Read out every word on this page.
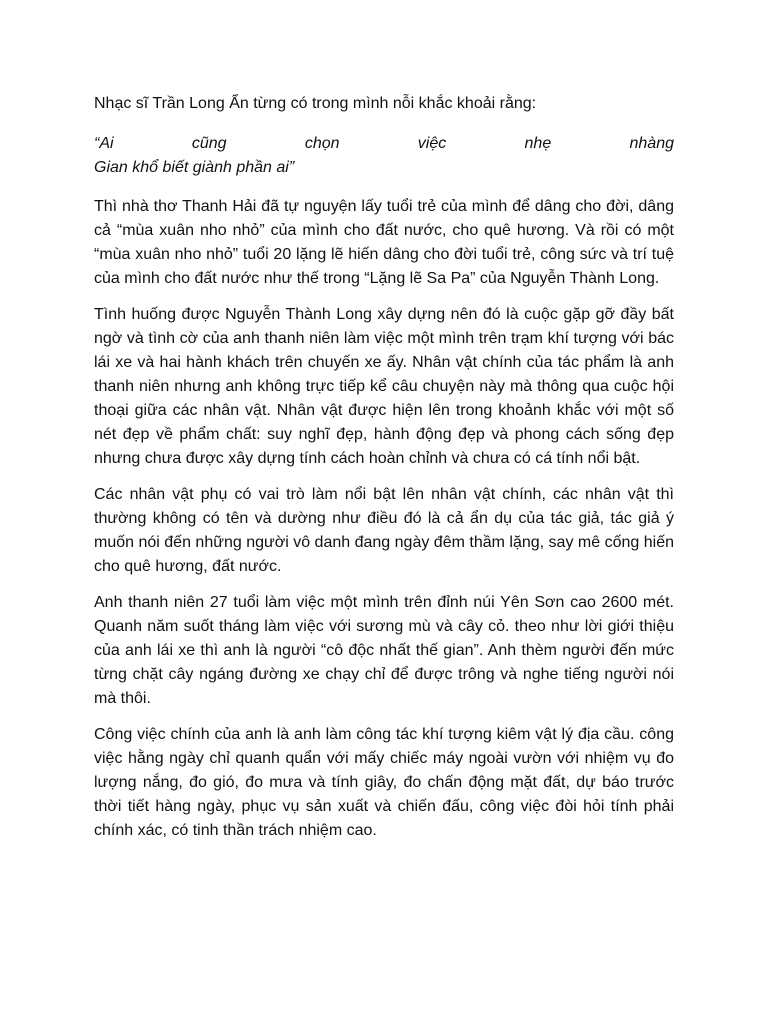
Nhạc sĩ Trần Long Ẩn từng có trong mình nỗi khắc khoải rằng:

“Ai cũng chọn việc nhẹ nhàng
Gian khổ biết giành phần ai”

Thì nhà thơ Thanh Hải đã tự nguyện lấy tuổi trẻ của mình để dâng cho đời, dâng cả “mùa xuân nho nhỏ” của mình cho đất nước, cho quê hương. Và rồi có một “mùa xuân nho nhỏ” tuổi 20 lặng lẽ hiến dâng cho đời tuổi trẻ, công sức và trí tuệ của mình cho đất nước như thế trong “Lặng lẽ Sa Pa” của Nguyễn Thành Long.

Tình huống được Nguyễn Thành Long xây dựng nên đó là cuộc gặp gỡ đầy bất ngờ và tình cờ của anh thanh niên làm việc một mình trên trạm khí tượng với bác lái xe và hai hành khách trên chuyến xe ấy. Nhân vật chính của tác phẩm là anh thanh niên nhưng anh không trực tiếp kể câu chuyện này mà thông qua cuộc hội thoại giữa các nhân vật. Nhân vật được hiện lên trong khoảnh khắc với một số nét đẹp về phẩm chất: suy nghĩ đẹp, hành động đẹp và phong cách sống đẹp nhưng chưa được xây dựng tính cách hoàn chỉnh và chưa có cá tính nổi bật.

Các nhân vật phụ có vai trò làm nổi bật lên nhân vật chính, các nhân vật thì thường không có tên và dường như điều đó là cả ẩn dụ của tác giả, tác giả ý muốn nói đến những người vô danh đang ngày đêm thầm lặng, say mê cống hiến cho quê hương, đất nước.

Anh thanh niên 27 tuổi làm việc một mình trên đỉnh núi Yên Sơn cao 2600 mét. Quanh năm suốt tháng làm việc với sương mù và cây cỏ. theo như lời giới thiệu của anh lái xe thì anh là người “cô độc nhất thế gian”. Anh thèm người đến mức từng chặt cây ngáng đường xe chạy chỉ để được trông và nghe tiếng người nói mà thôi.

Công việc chính của anh là anh làm công tác khí tượng kiêm vật lý địa cầu. công việc hằng ngày chỉ quanh quẩn với mấy chiếc máy ngoài vườn với nhiệm vụ đo lượng nắng, đo gió, đo mưa và tính giây, đo chấn động mặt đất, dự báo trước thời tiết hàng ngày, phục vụ sản xuất và chiến đấu, công việc đòi hỏi tính phải chính xác, có tinh thần trách nhiệm cao.
